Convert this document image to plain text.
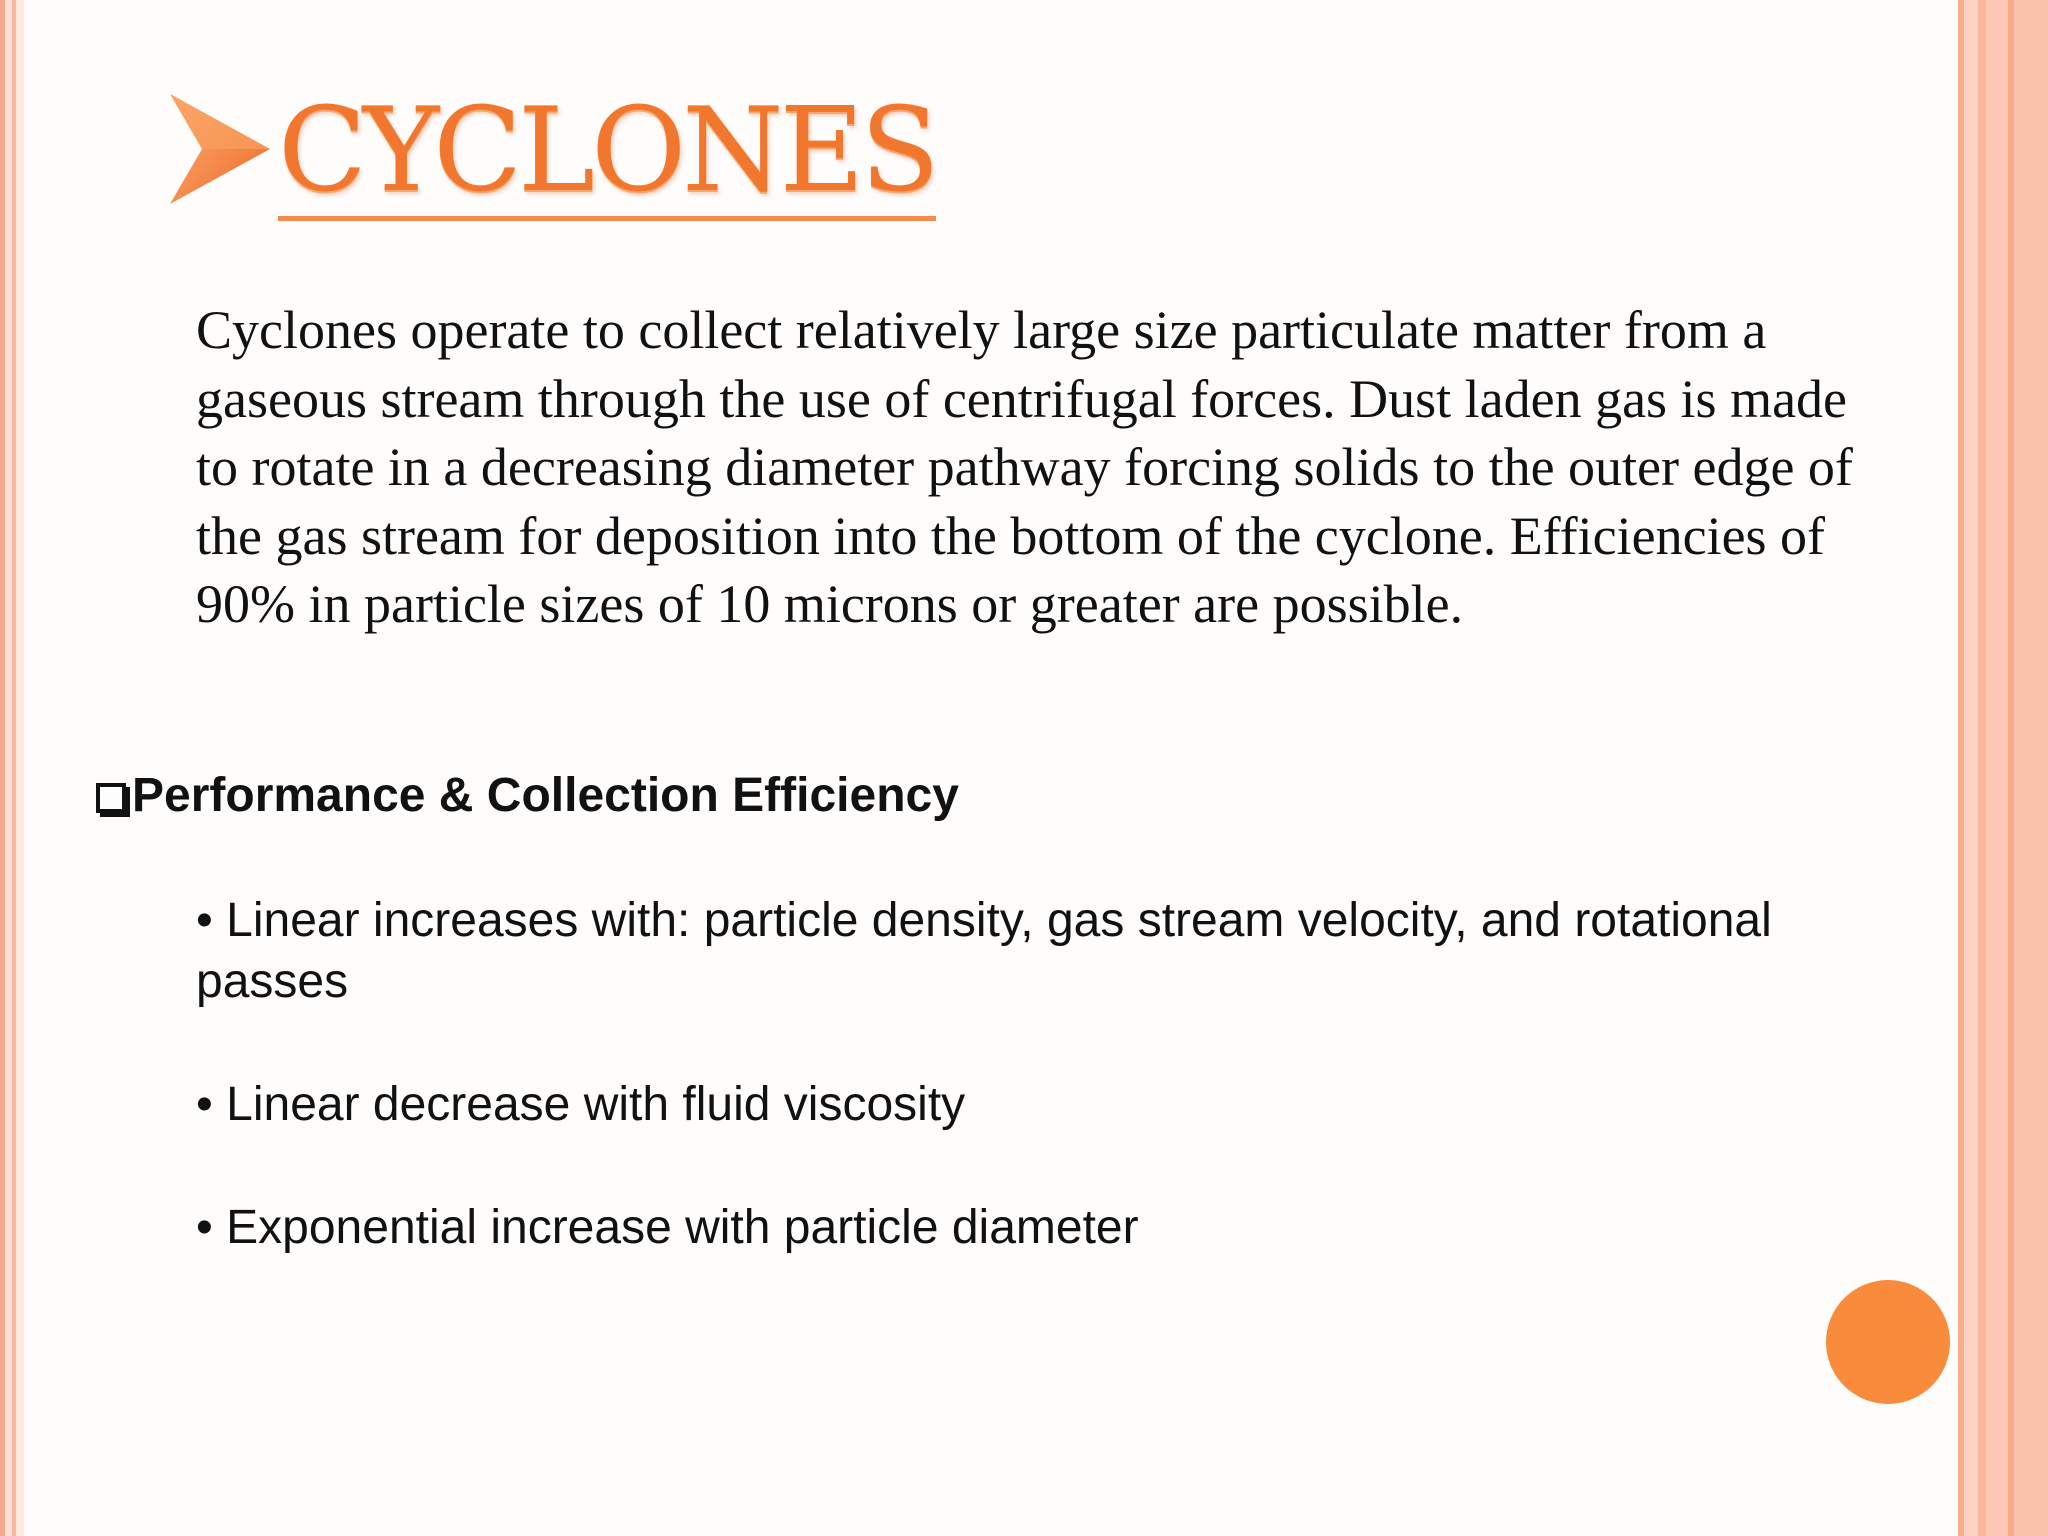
CYCLONES
Cyclones operate to collect relatively large size particulate matter from a gaseous stream through the use of centrifugal forces. Dust laden gas is made to rotate in a decreasing diameter pathway forcing solids to the outer edge of the gas stream for deposition into the bottom of the cyclone. Efficiencies of 90% in particle sizes of 10 microns or greater are possible.
Performance & Collection Efficiency
• Linear increases with: particle density, gas stream velocity, and rotational passes
• Linear decrease with fluid viscosity
• Exponential increase with particle diameter
